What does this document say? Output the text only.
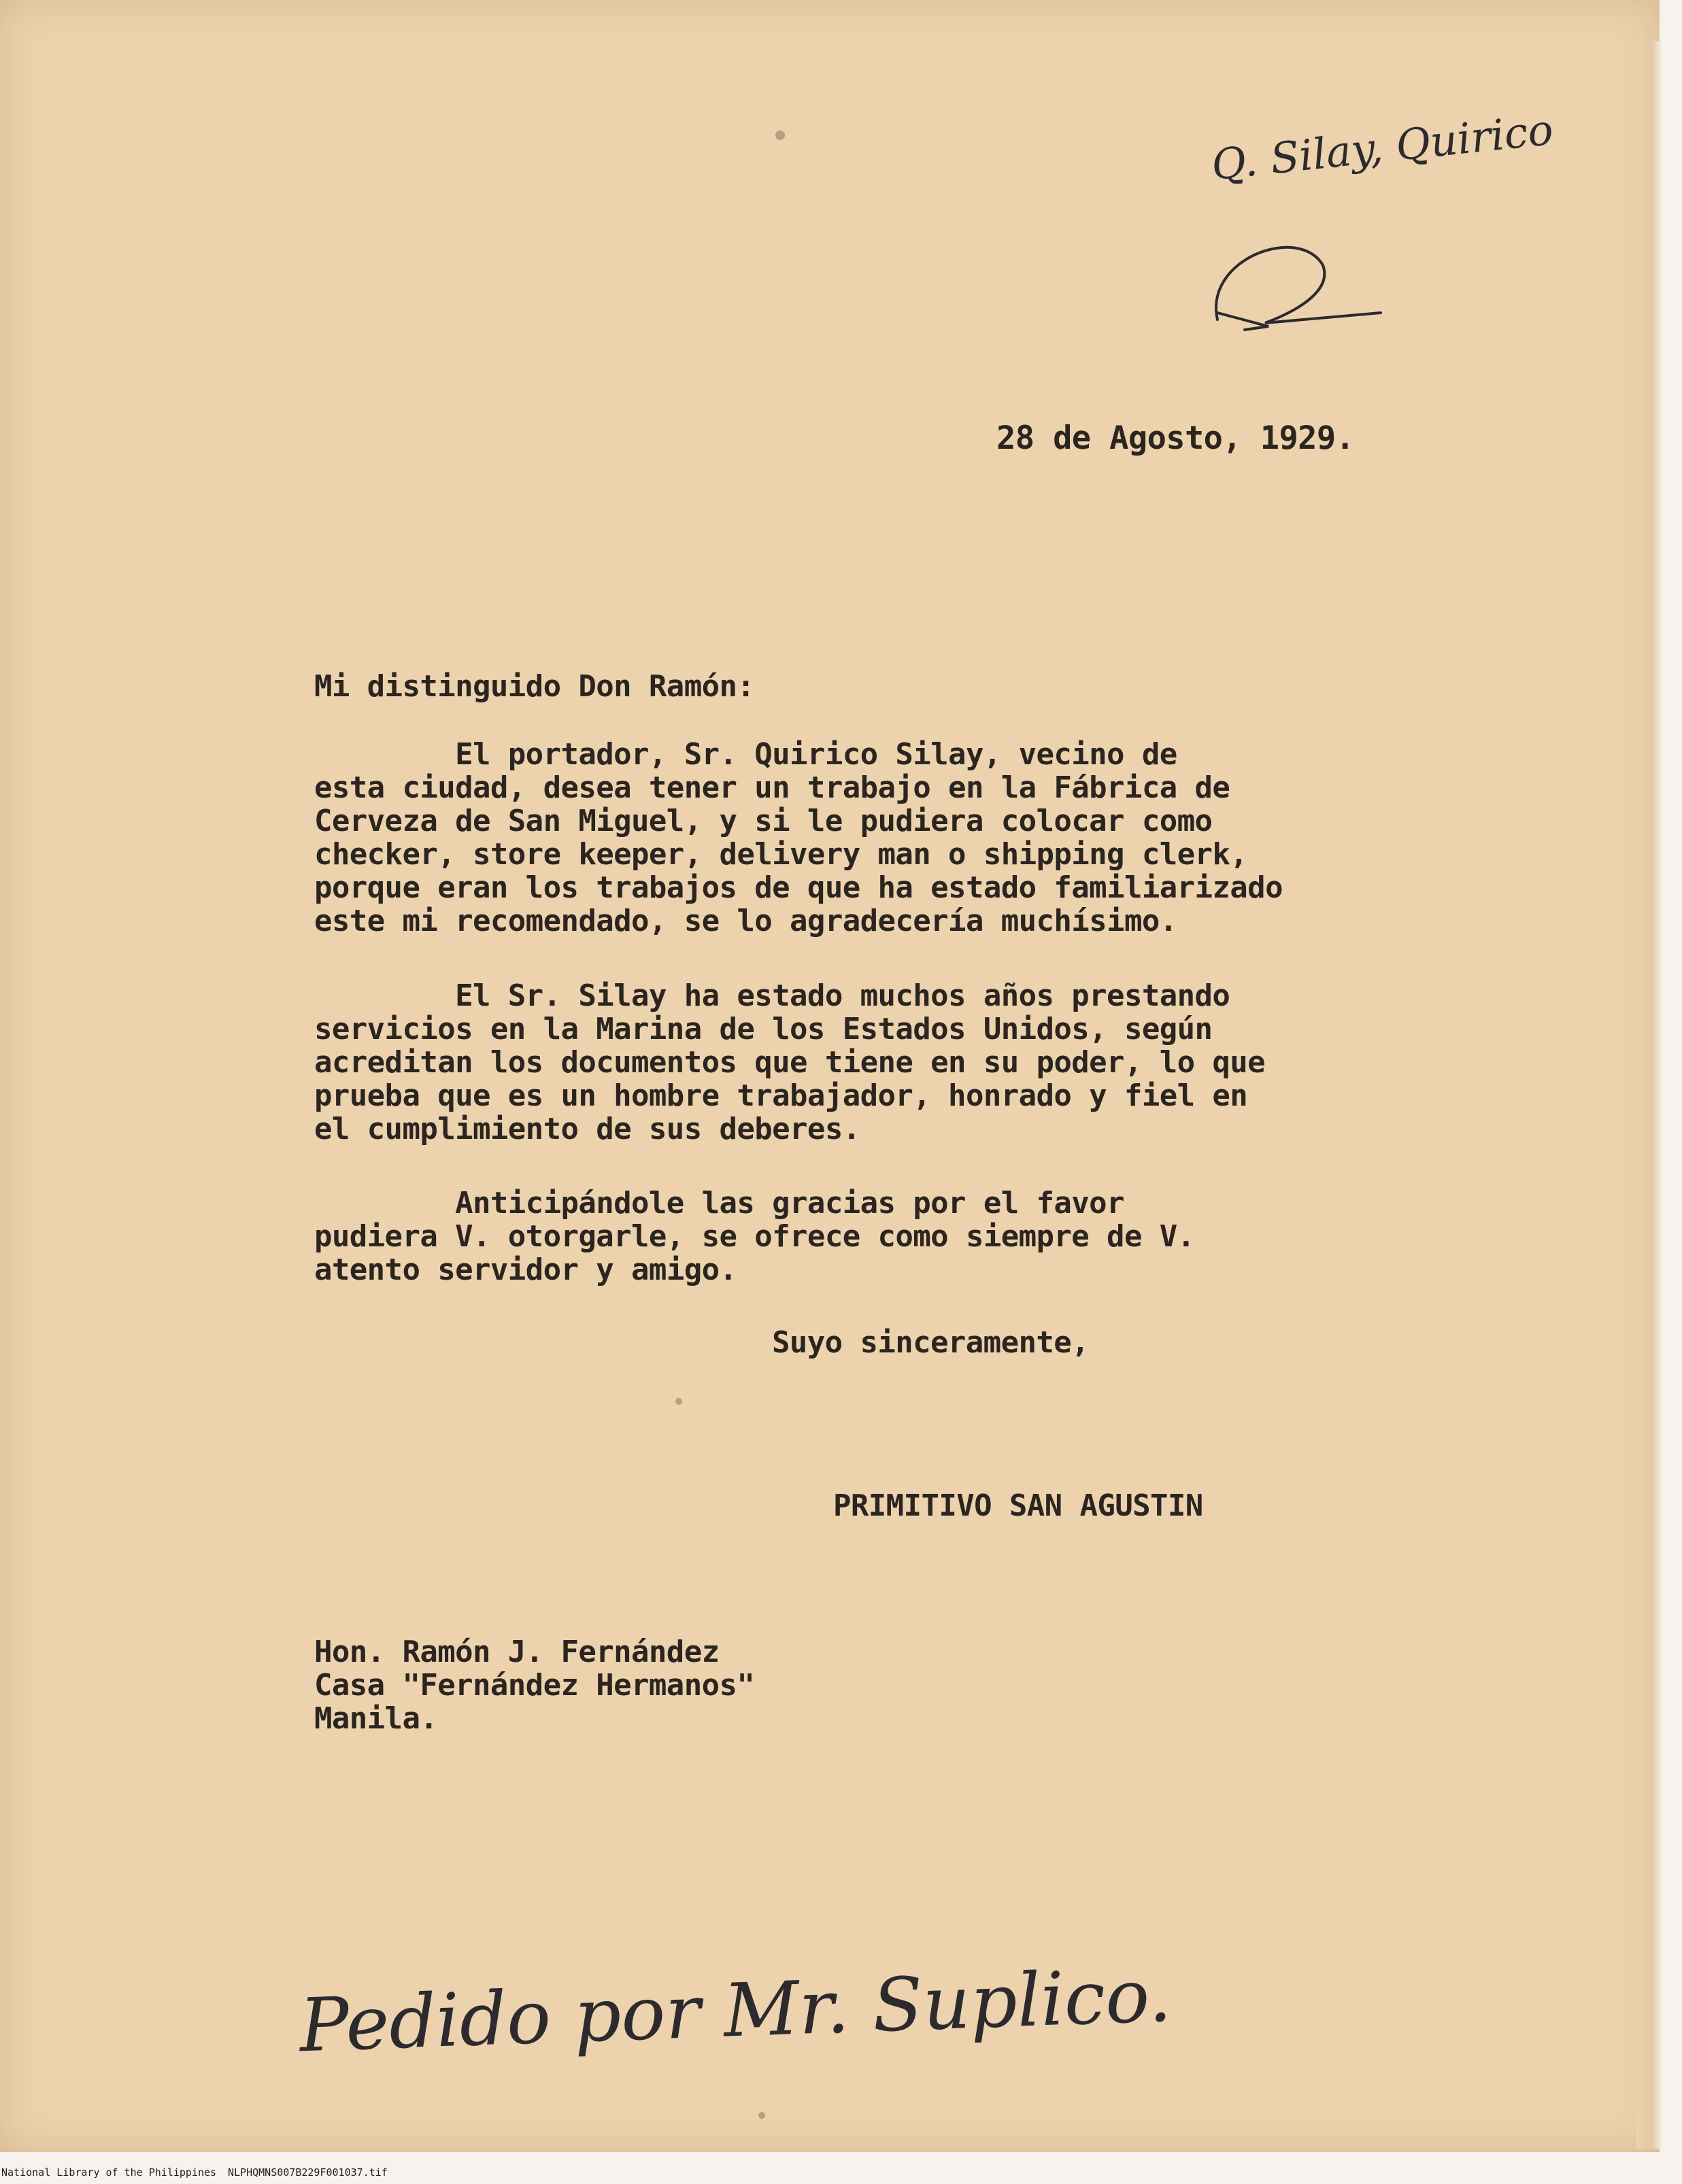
Q. Silay, Quirico

28 de Agosto, 1929.

Mi distinguido Don Ramón:

El portador, Sr. Quirico Silay, vecino de

esta ciudad, desea tener un trabajo en la Fábrica de

Cerveza de San Miguel, y si le pudiera colocar como

checker, store keeper, delivery man o shipping clerk,

porque eran los trabajos de que ha estado familiarizado

este mi recomendado, se lo agradecería muchísimo.

El Sr. Silay ha estado muchos años prestando

servicios en la Marina de los Estados Unidos, según

acreditan los documentos que tiene en su poder, lo que

prueba que es un hombre trabajador, honrado y fiel en

el cumplimiento de sus deberes.

Anticipándole las gracias por el favor

pudiera V. otorgarle, se ofrece como siempre de V.

atento servidor y amigo.

Suyo sinceramente,

PRIMITIVO SAN AGUSTIN

Hon. Ramón J. Fernández

Casa "Fernández Hermanos"

Manila.

Pedido por Mr. Suplico.
National Library of the Philippines NLPHQMNS007B229F001037.tif
